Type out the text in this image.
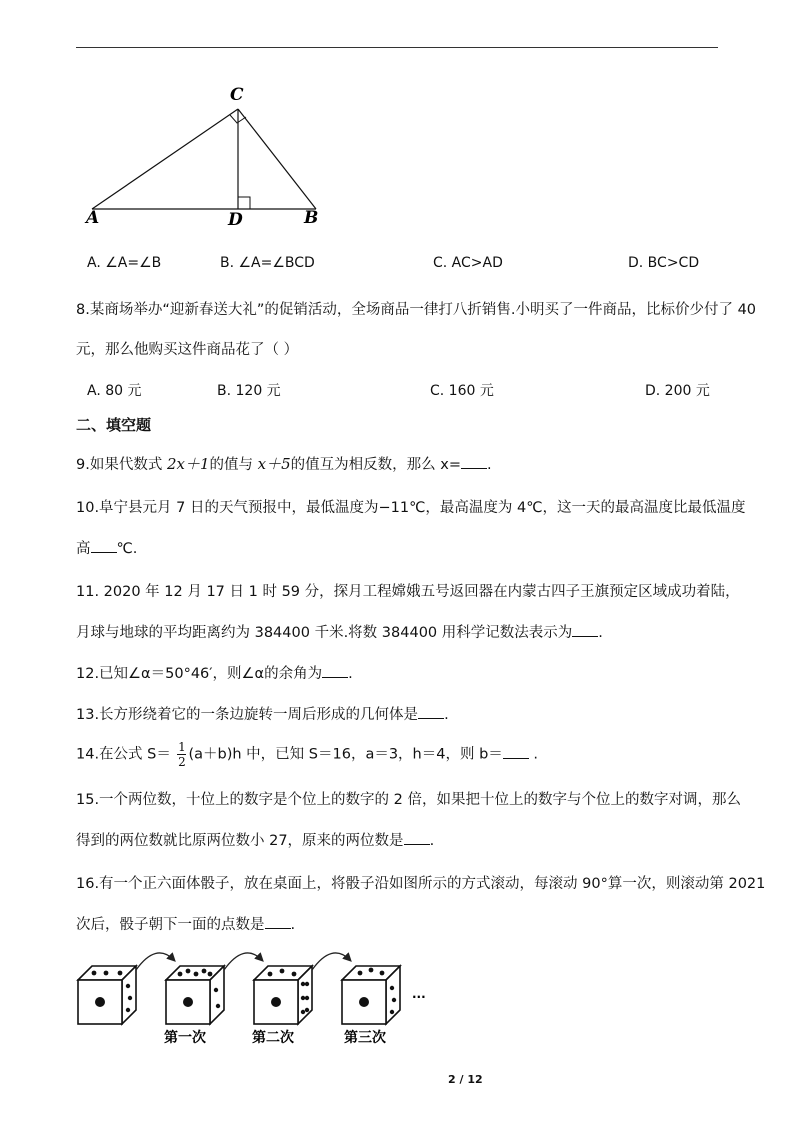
C
A	D	B
A. ∠A=∠B	B. ∠A=∠BCD	C. AC>AD	D. BC>CD
8.某商场举办“迎新春送大礼”的促销活动，全场商品一律打八折销售.小明买了一件商品，比标价少付了 40
元，那么他购买这件商品花了（ ）
A. 80 元	B. 120 元	C. 160 元	D. 200 元
二、填空题
9.如果代数式 2x＋1的值与 x＋5的值互为相反数，那么 x= .
10.阜宁县元月 7 日的天气预报中，最低温度为−11℃，最高温度为 4℃，这一天的最高温度比最低温度
高 ℃.
11. 2020 年 12 月 17 日 1 时 59 分，探月工程嫦娥五号返回器在内蒙古四子王旗预定区域成功着陆，
月球与地球的平均距离约为 384400 千米.将数 384400 用科学记数法表示为 .
12.已知∠α＝50°46′，则∠α的余角为 .
13.长方形绕着它的一条边旋转一周后形成的几何体是 .
14.在公式 $S= \frac{1}{2} (a+b)h$ 中，已知 S＝16，a＝3，h＝4，则 b＝ .
15.一个两位数，十位上的数字是个位上的数字的 2 倍，如果把十位上的数字与个位上的数字对调，那么
得到的两位数就比原两位数小 27，原来的两位数是 .
16.有一个正六面体骰子，放在桌面上，将骰子沿如图所示的方式滚动，每滚动 90°算一次，则滚动第 2021
次后，骰子朝下一面的点数是 .
...
第一次	第二次	第三次
2 / 12
